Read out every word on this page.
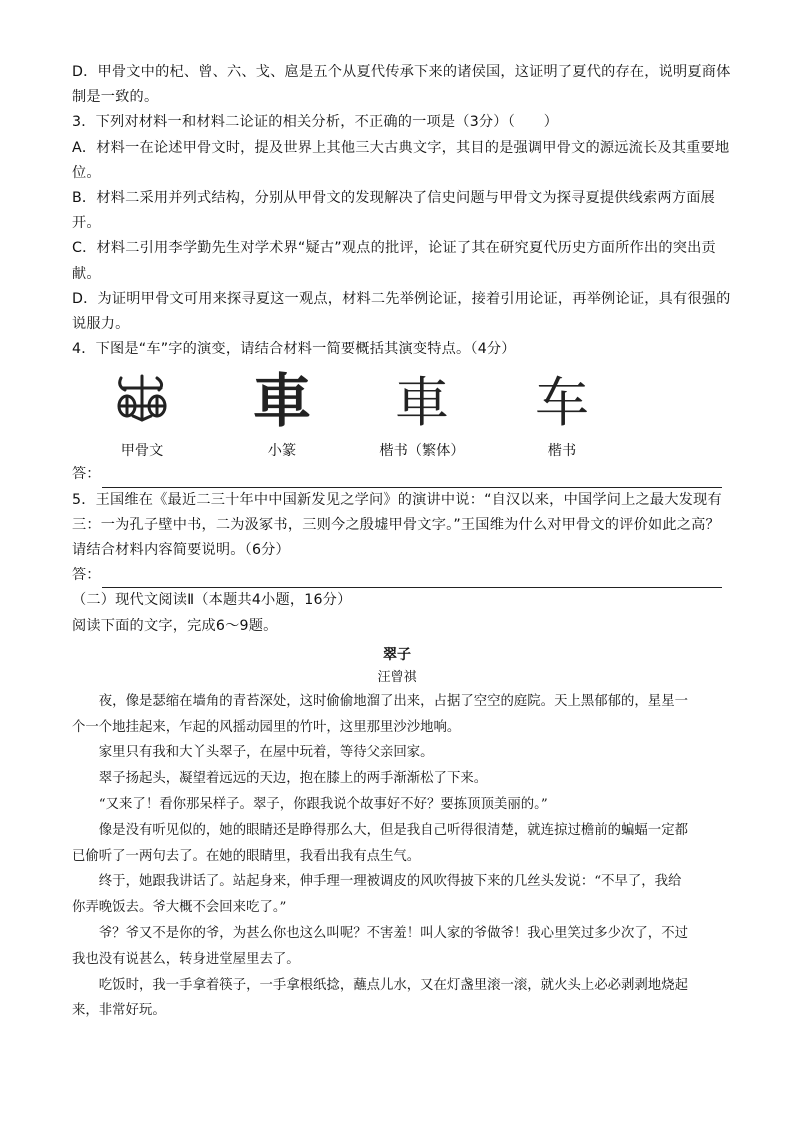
D．甲骨文中的杞、曾、六、戈、扈是五个从夏代传承下来的诸侯国，这证明了夏代的存在，说明夏商体
制是一致的。
3．下列对材料一和材料二论证的相关分析，不正确的一项是（3分）（　　）
A．材料一在论述甲骨文时，提及世界上其他三大古典文字，其目的是强调甲骨文的源远流长及其重要地
位。
B．材料二采用并列式结构，分别从甲骨文的发现解决了信史问题与甲骨文为探寻夏提供线索两方面展
开。
C．材料二引用李学勤先生对学术界“疑古”观点的批评，论证了其在研究夏代历史方面所作出的突出贡
献。
D．为证明甲骨文可用来探寻夏这一观点，材料二先举例论证，接着引用论证，再举例论证，具有很强的
说服力。
4．下图是“车”字的演变，请结合材料一简要概括其演变特点。（4分）
甲骨文
車
小篆
車
楷书（繁体）
车
楷书
答：
5．王国维在《最近二三十年中中国新发见之学问》的演讲中说：“自汉以来，中国学问上之最大发现有
三：一为孔子壁中书，二为汲冢书，三则今之殷墟甲骨文字。”王国维为什么对甲骨文的评价如此之高？
请结合材料内容简要说明。（6分）
答：
（二）现代文阅读Ⅱ（本题共4小题，16分）
阅读下面的文字，完成6～9题。
翠子
汪曾祺

夜，像是瑟缩在墙角的青苔深处，这时偷偷地溜了出来，占据了空空的庭院。天上黑郁郁的，星星一

个一个地挂起来，乍起的风摇动园里的竹叶，这里那里沙沙地响。

家里只有我和大丫头翠子，在屋中玩着，等待父亲回家。

翠子扬起头，凝望着远远的天边，抱在膝上的两手渐渐松了下来。

“又来了！看你那呆样子。翠子，你跟我说个故事好不好？要拣顶顶美丽的。”

像是没有听见似的，她的眼睛还是睁得那么大，但是我自己听得很清楚，就连掠过檐前的蝙蝠一定都

已偷听了一两句去了。在她的眼睛里，我看出我有点生气。

终于，她跟我讲话了。站起身来，伸手理一理被调皮的风吹得披下来的几丝头发说：“不早了，我给

你弄晚饭去。爷大概不会回来吃了。”

爷？爷又不是你的爷，为甚么你也这么叫呢？不害羞！叫人家的爷做爷！我心里笑过多少次了，不过

我也没有说甚么，转身进堂屋里去了。

吃饭时，我一手拿着筷子，一手拿根纸捻，蘸点儿水，又在灯盏里滚一滚，就火头上必必剥剥地烧起

来，非常好玩。
